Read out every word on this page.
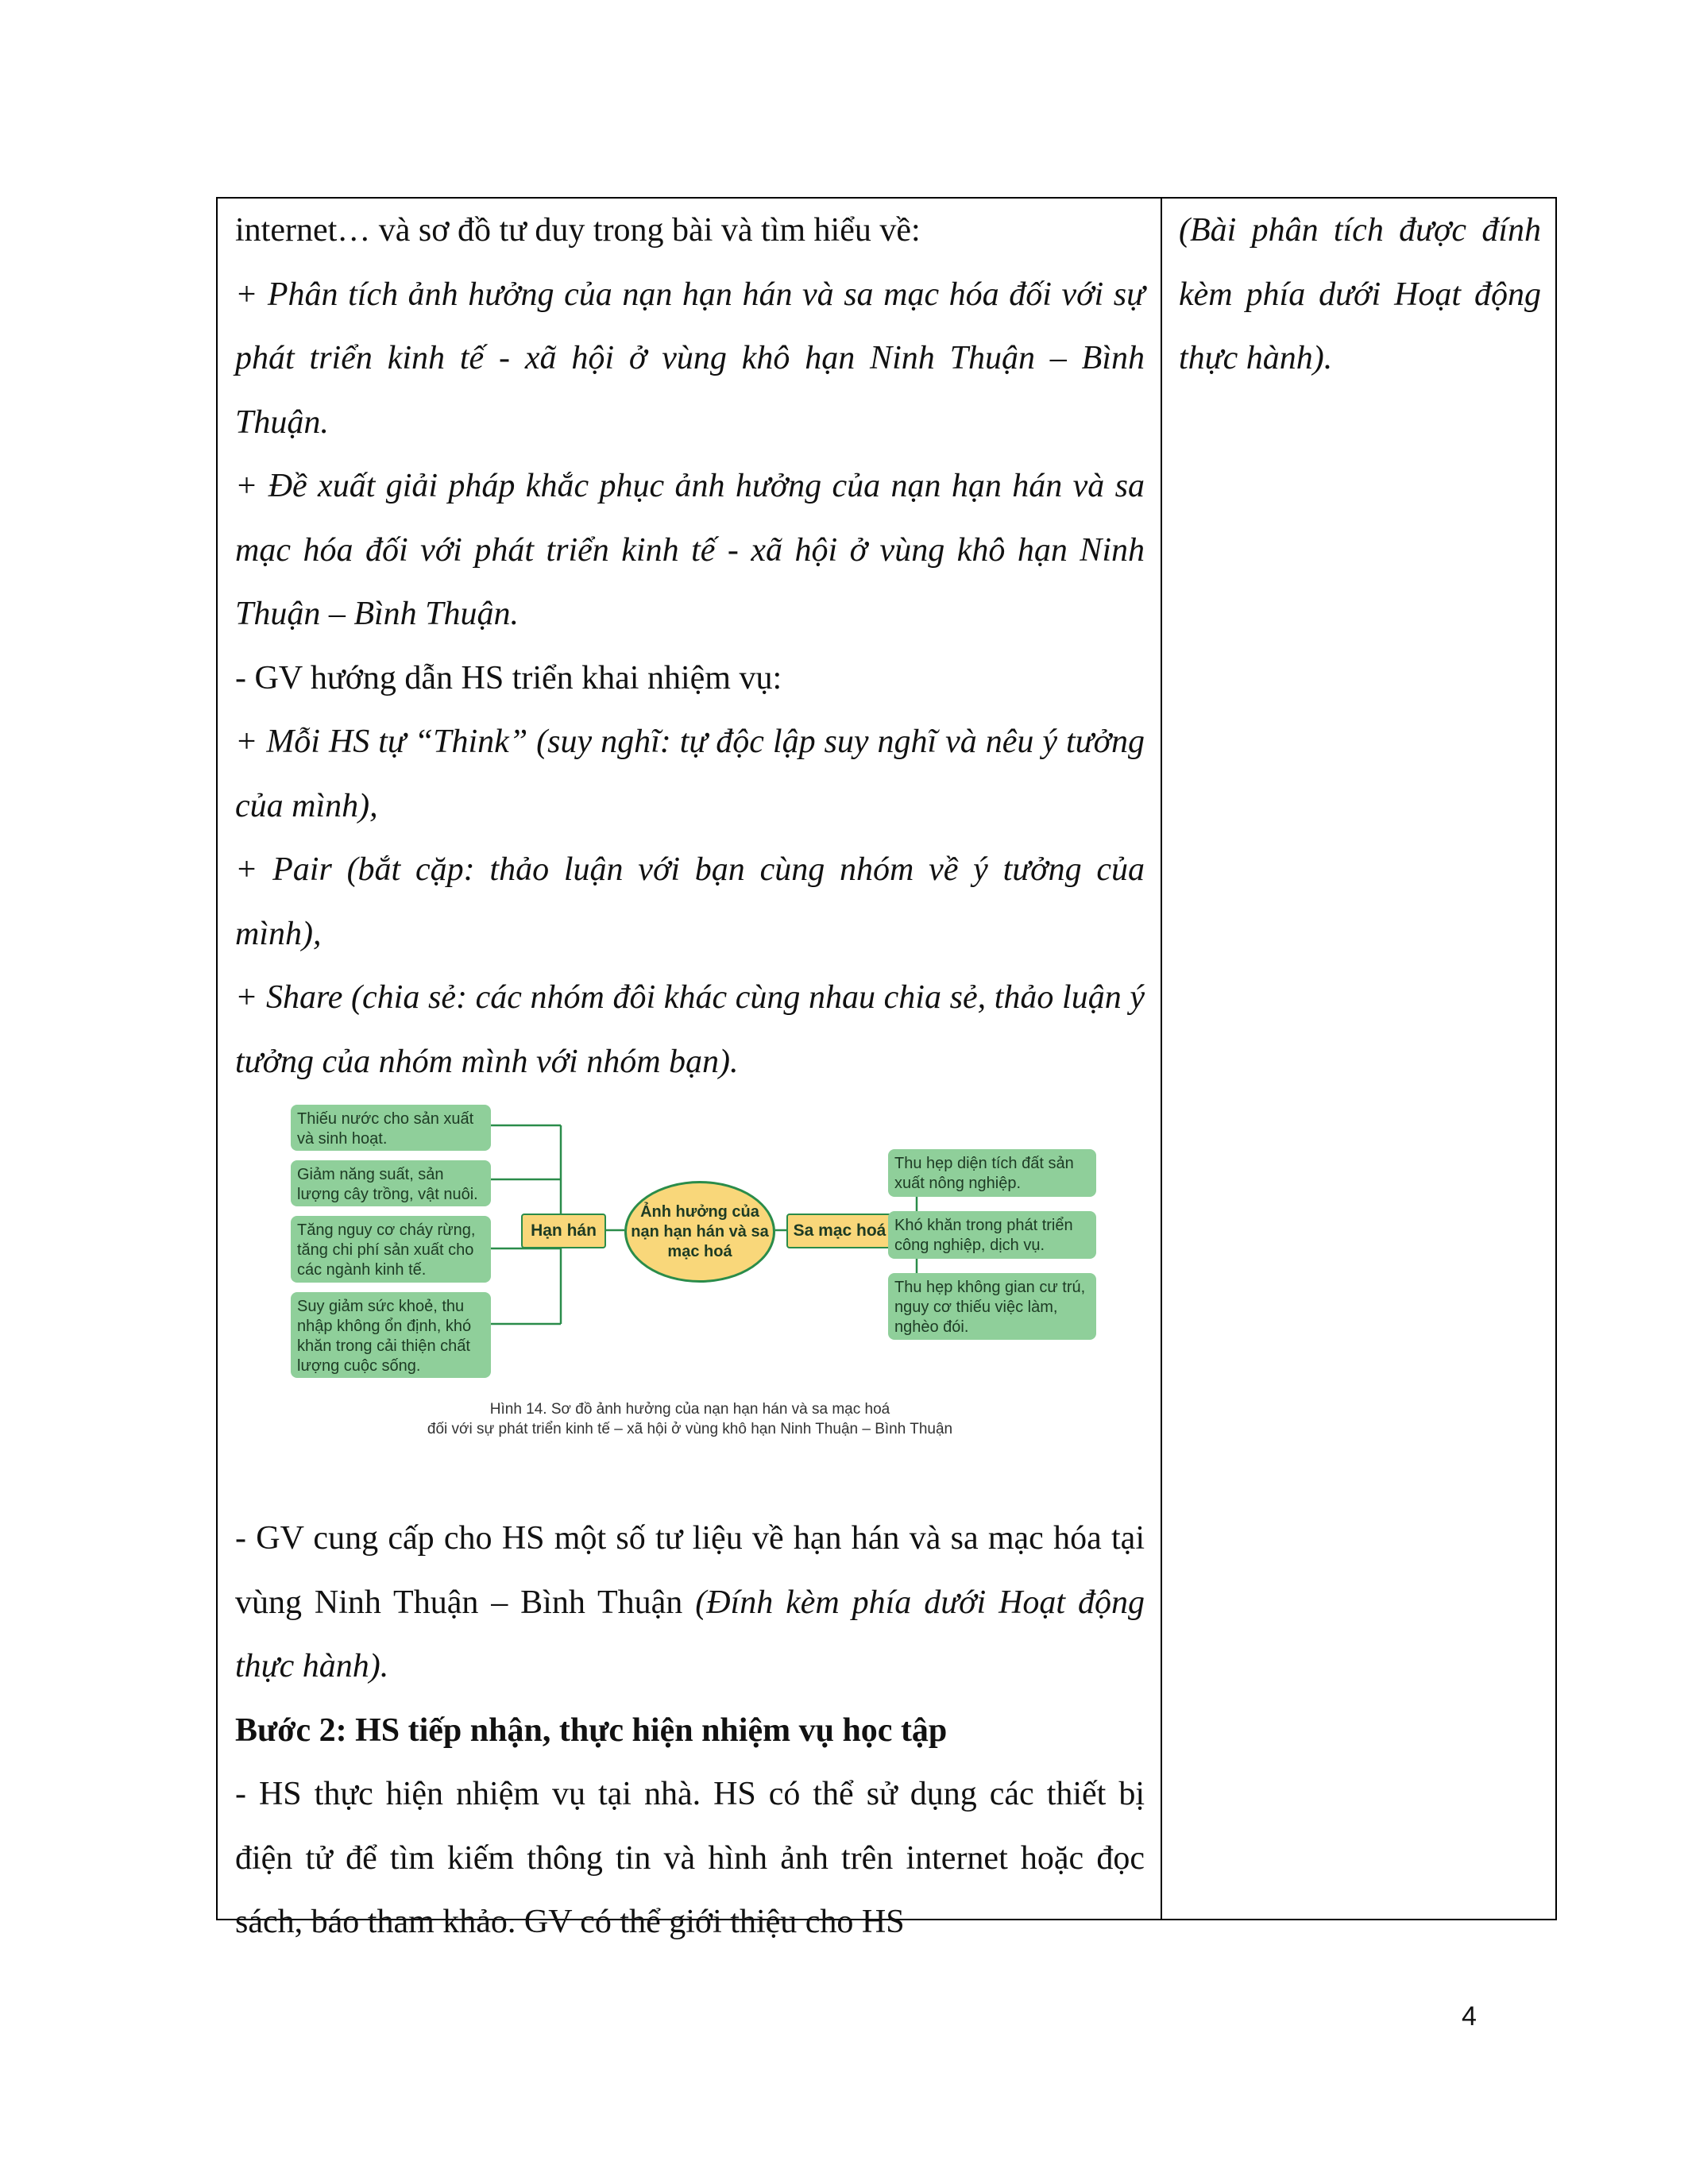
internet… và sơ đồ tư duy trong bài và tìm hiểu về:

+ Phân tích ảnh hưởng của nạn hạn hán và sa mạc hóa đối với sự phát triển kinh tế - xã hội ở vùng khô hạn Ninh Thuận – Bình Thuận.

+ Đề xuất giải pháp khắc phục ảnh hưởng của nạn hạn hán và sa mạc hóa đối với phát triển kinh tế - xã hội ở vùng khô hạn Ninh Thuận – Bình Thuận.

- GV hướng dẫn HS triển khai nhiệm vụ:

+ Mỗi HS tự “Think” (suy nghĩ: tự độc lập suy nghĩ và nêu ý tưởng của mình),

+ Pair (bắt cặp: thảo luận với bạn cùng nhóm về ý tưởng của mình),

+ Share (chia sẻ: các nhóm đôi khác cùng nhau chia sẻ, thảo luận ý tưởng của nhóm mình với nhóm bạn).

Thiếu nước cho sản xuất và sinh hoạt.
Giảm năng suất, sản lượng cây trồng, vật nuôi.
Tăng nguy cơ cháy rừng, tăng chi phí sản xuất cho các ngành kinh tế.
Suy giảm sức khoẻ, thu nhập không ổn định, khó khăn trong cải thiện chất lượng cuộc sống.
Hạn hán
Ảnh hưởng của nạn hạn hán và sa mạc hoá
Sa mạc hoá
Thu hẹp diện tích đất sản xuất nông nghiệp.
Khó khăn trong phát triển công nghiệp, dịch vụ.
Thu hẹp không gian cư trú, nguy cơ thiếu việc làm, nghèo đói.
Hình 14. Sơ đồ ảnh hưởng của nạn hạn hán và sa mạc hoá
đối với sự phát triển kinh tế – xã hội ở vùng khô hạn Ninh Thuận – Bình Thuận

- GV cung cấp cho HS một số tư liệu về hạn hán và sa mạc hóa tại vùng Ninh Thuận – Bình Thuận (Đính kèm phía dưới Hoạt động thực hành).

Bước 2: HS tiếp nhận, thực hiện nhiệm vụ học tập

- HS thực hiện nhiệm vụ tại nhà. HS có thể sử dụng các thiết bị điện tử để tìm kiếm thông tin và hình ảnh trên internet hoặc đọc sách, báo tham khảo. GV có thể giới thiệu cho HS

(Bài phân tích được đính kèm phía dưới Hoạt động thực hành).

4
